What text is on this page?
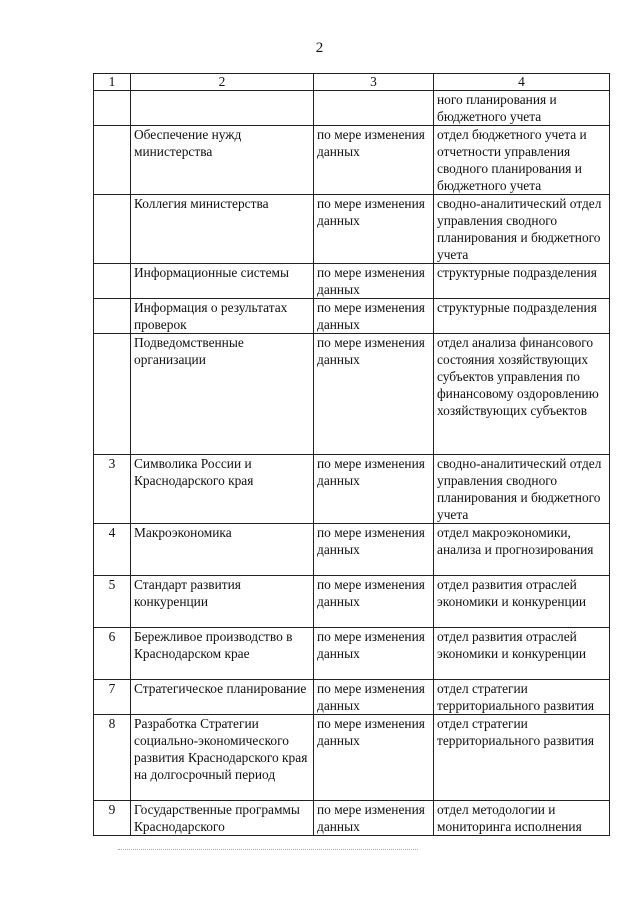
2
1	2	3	4
			ного планирования и бюджетного учета
	Обеспечение нужд министерства	по мере изменения данных	отдел бюджетного учета и отчетности управления сводного планирования и бюджетного учета
	Коллегия министерства	по мере изменения данных	сводно-аналитический отдел управления сводного планирования и бюджетного учета
	Информационные системы	по мере изменения данных	структурные подразделения
	Информация о результатах проверок	по мере изменения данных	структурные подразделения
	Подведомственные организации	по мере изменения данных	отдел анализа финансового состояния хозяйствующих субъектов управления по финансовому оздоровлению хозяйствующих субъектов
3	Символика России и Краснодарского края	по мере изменения данных	сводно-аналитический отдел управления сводного планирования и бюджетного учета
4	Макроэкономика	по мере изменения данных	отдел макроэкономики, анализа и прогнозирования
5	Стандарт развития конкуренции	по мере изменения данных	отдел развития отраслей экономики и конкуренции
6	Бережливое производство в Краснодарском крае	по мере изменения данных	отдел развития отраслей экономики и конкуренции
7	Стратегическое планирование	по мере изменения данных	отдел стратегии территориального развития
8	Разработка Стратегии социально-экономического развития Краснодарского края на долгосрочный период	по мере изменения данных	отдел стратегии территориального развития
9	Государственные программы Краснодарского	по мере изменения данных	отдел методологии и мониторинга исполнения
